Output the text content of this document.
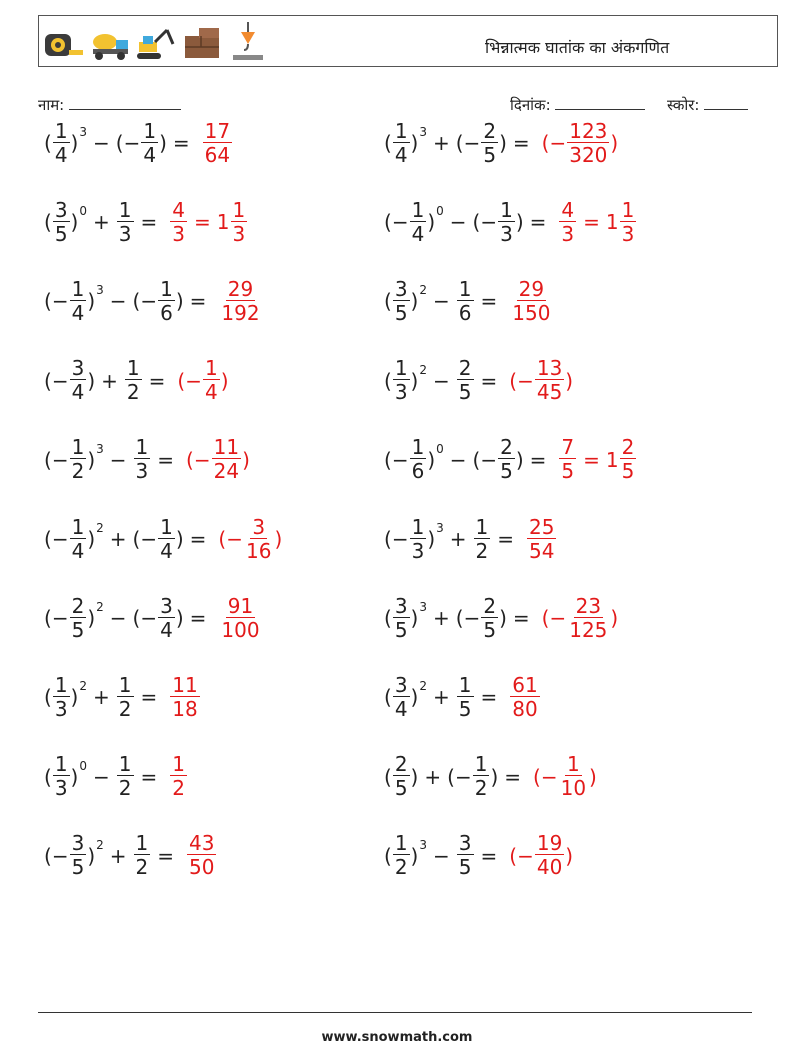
भिन्नात्मक घातांक का अंकगणित
नाम:	दिनांक:	स्कोर:
( $\frac{1}{4}$ ) 3 − ( − $\frac{1}{4}$ ) = $\frac{17}{64}$	( $\frac{1}{4}$ ) 3 + ( − $\frac{2}{5}$ ) = ( − $\frac{123}{320}$ )
( $\frac{3}{5}$ ) $0 + \frac{1}{3} = \frac{4}{3} = 1 \frac{1}{3}$	( − $\frac{1}{4}$ ) 0 − ( − $\frac{1}{3}$ ) = $\frac{4}{3} = 1 \frac{1}{3}$
( − $\frac{1}{4}$ ) 3 − ( − $\frac{1}{6}$ ) = $\frac{29}{192}$	( $\frac{3}{5}$ ) $2 - \frac{1}{6} = \frac{29}{150}$
( − $\frac{3}{4}$ ) + $\frac{1}{2}$ = ( − $\frac{1}{4}$ )	( $\frac{1}{3}$ ) $2 - \frac{2}{5}$ = ( − $\frac{13}{45}$ )
( − $\frac{1}{2}$ ) $3 - \frac{1}{3}$ = ( − $\frac{11}{24}$ )	( − $\frac{1}{6}$ ) 0 − ( − $\frac{2}{5}$ ) = $\frac{7}{5} = 1 \frac{2}{5}$
( − $\frac{1}{4}$ ) 2 + ( − $\frac{1}{4}$ ) = ( − $\frac{3}{16}$ )	( − $\frac{1}{3}$ ) $3 + \frac{1}{2} = \frac{25}{54}$
( − $\frac{2}{5}$ ) 2 − ( − $\frac{3}{4}$ ) = $\frac{91}{100}$	( $\frac{3}{5}$ ) 3 + ( − $\frac{2}{5}$ ) = ( − $\frac{23}{125}$ )
( $\frac{1}{3}$ ) $2 + \frac{1}{2} = \frac{11}{18}$	( $\frac{3}{4}$ ) $2 + \frac{1}{5} = \frac{61}{80}$
( $\frac{1}{3}$ ) $0 - \frac{1}{2} = \frac{1}{2}$	( $\frac{2}{5}$ ) + ( − $\frac{1}{2}$ ) = ( − $\frac{1}{10}$ )
( − $\frac{3}{5}$ ) $2 + \frac{1}{2} = \frac{43}{50}$	( $\frac{1}{2}$ ) $3 - \frac{3}{5}$ = ( − $\frac{19}{40}$ )
www.snowmath.com
